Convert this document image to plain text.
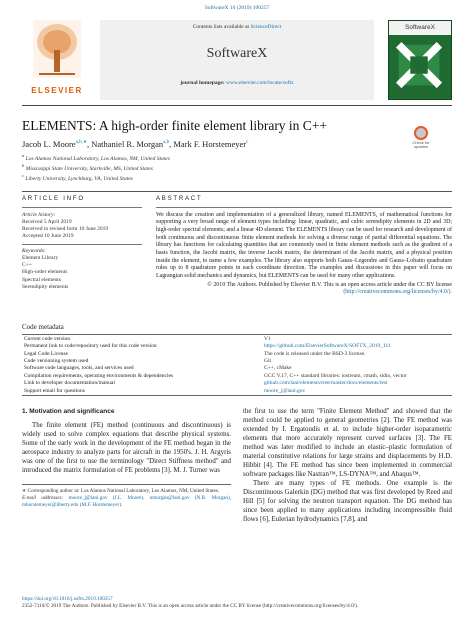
SoftwareX 10 (2019) 100257
ELSEVIER
Contents lists available at ScienceDirect
SoftwareX
journal homepage: www.elsevier.com/locate/softx
SoftwareX
ELEMENTS: A high-order finite element library in C++
Check for
updates
Jacob L. Moore$^{a,b,∗}$, Nathaniel R. Morgan$^{a,b}$, Mark F. Horstemeyer$^c$
$^a$ Los Alamos National Laboratory, Los Alamos, NM, United States
$^b$ Mississippi State University, Starkville, MS, United States
$^c$ Liberty University, Lynchburg, VA, United States
ARTICLE INFO
Article history:
Received 5 April 2019
Received in revised form 10 June 2019
Accepted 10 June 2019
Keywords:
Element Library
C++
High-order elements
Spectral elements
Serendipity elements
ABSTRACT
We discuss the creation and implementation of a generalized library, named ELEMENTS, of mathematical functions for supporting a very broad range of element types including: linear, quadratic, and cubic serendipity elements in 2D and 3D; high-order spectral elements; and a linear 4D element. The ELEMENTS library can be used for research and development of both continuous and discontinuous finite element methods for solving a diverse range of partial differential equations. The library has functions for calculating quantities that are commonly used in finite element methods such as the gradient of a basis function, the Jacobi matrix, the inverse Jacobi matrix, the determinant of the Jacobi matrix, and a physical position inside the element, to name a few examples. The library also supports both Gauss–Legendre and Gauss–Lobatto quadrature rules up to 8 quadrature points in each coordinate direction. The examples and discussions in this paper will focus on Lagrangian solid mechanics and dynamics, but ELEMENTS can be used for many other applications.
© 2019 The Authors. Published by Elsevier B.V. This is an open access article under the CC BY license (http://creativecommons.org/licenses/by/4.0/).
Code metadata
Current code version	V1
Permanent link to code/repository used for this code version	https://github.com/ElsevierSoftwareX/SOFTX_2019_111
Legal Code License	The code is released under the BSD-3 license.
Code versioning system used	Git
Software code languages, tools, and services used	C++, cMake
Compilation requirements, operating environments & dependencies	GCC V.17, C++ standard libraries: iostream, cmath, stdio, vector
Link to developer documentation/manual	github.com/lanl/elements/tree/master/docs/elements/test
Support email for questions	moore_j@lanl.gov
1. Motivation and significance

The finite element (FE) method (continuous and discontinuous) is widely used to solve complex equations that describe physical systems. Some of the early work in the development of the FE method began in the aerospace industry to analyze parts for aircraft in the 1950's. J. H. Argyris was one of the first to use the terminology "Direct Stiffness method" and introduced the matrix formulation of FE problems [3]. M. J. Turner was

∗ Corresponding author at: Los Alamos National Laboratory, Los Alamos, NM, United States.
E-mail addresses: moore_j@lanl.gov (J.L. Moore), nmorgan@lanl.gov (N.R. Morgan), mhorstemeyer@liberty.edu (M.F. Horstemeyer).

the first to use the term "Finite Element Method" and showed that the method could be applied to general geometries [2]. The FE method was extended by I. Ergatoudis et al. to include higher-order isoparametric elements that more accurately represent curved surfaces [3]. The FE method was later modified to include an elastic–plastic formulation of material constitutive relations for large strains and displacements by H.D. Hibbit [4]. The FE method has since been implemented in commercial software packages like Nastran™, LS-DYNA™, and Abaqus™.

There are many types of FE methods. One example is the Discontinuous Galerkin (DG) method that was first developed by Reed and Hill [5] for solving the neutron transport equation. The DG method has since been applied to many applications including incompressible fluid flows [6], Eulerian hydrodynamics [7,8], and

https://doi.org/10.1016/j.softx.2019.100257
2352-7110/© 2019 The Authors. Published by Elsevier B.V. This is an open access article under the CC BY license (http://creativecommons.org/licenses/by/4.0/).
